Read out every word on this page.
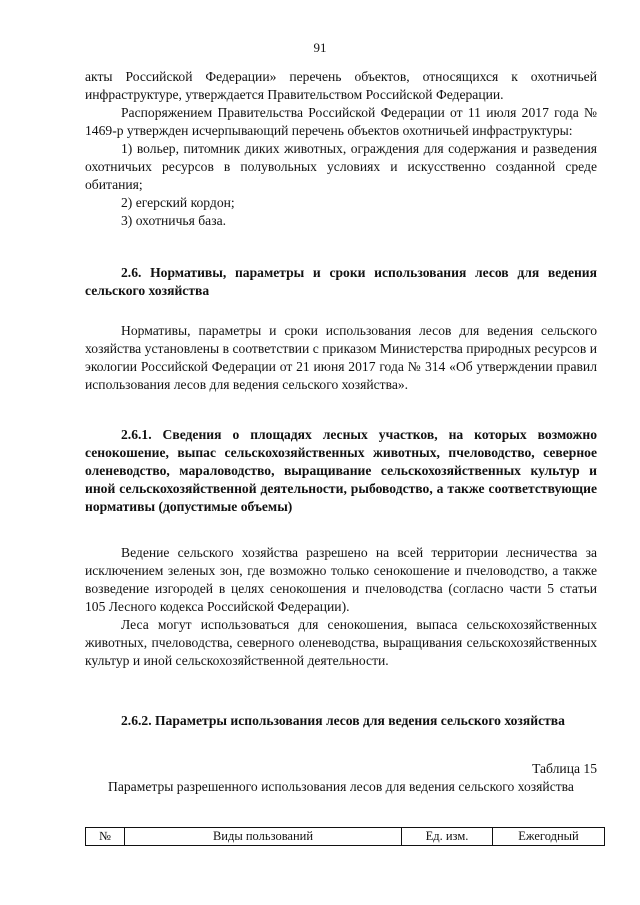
91

акты Российской Федерации» перечень объектов, относящихся к охотничьей инфраструктуре, утверждается Правительством Российской Федерации.

Распоряжением Правительства Российской Федерации от 11 июля 2017 года № 1469-р утвержден исчерпывающий перечень объектов охотничьей инфраструктуры:

1) вольер, питомник диких животных, ограждения для содержания и разведения охотничьих ресурсов в полувольных условиях и искусственно созданной среде обитания;

2) егерский кордон;

3) охотничья база.

2.6. Нормативы, параметры и сроки использования лесов для ведения сельского хозяйства

Нормативы, параметры и сроки использования лесов для ведения сельского хозяйства установлены в соответствии с приказом Министерства природных ресурсов и экологии Российской Федерации от 21 июня 2017 года № 314 «Об утверждении правил использования лесов для ведения сельского хозяйства».

2.6.1. Сведения о площадях лесных участков, на которых возможно сенокошение, выпас сельскохозяйственных животных, пчеловодство, северное оленеводство, мараловодство, выращивание сельскохозяйственных культур и иной сельскохозяйственной деятельности, рыбоводство, а также соответствующие нормативы (допустимые объемы)

Ведение сельского хозяйства разрешено на всей территории лесничества за исключением зеленых зон, где возможно только сенокошение и пчеловодство, а также возведение изгородей в целях сенокошения и пчеловодства (согласно части 5 статьи 105 Лесного кодекса Российской Федерации).

Леса могут использоваться для сенокошения, выпаса сельскохозяйственных животных, пчеловодства, северного оленеводства, выращивания сельскохозяйственных культур и иной сельскохозяйственной деятельности.

2.6.2. Параметры использования лесов для ведения сельского хозяйства

Таблица 15

Параметры разрешенного использования лесов для ведения сельского хозяйства

№	Виды пользований	Ед. изм.	Ежегодный
